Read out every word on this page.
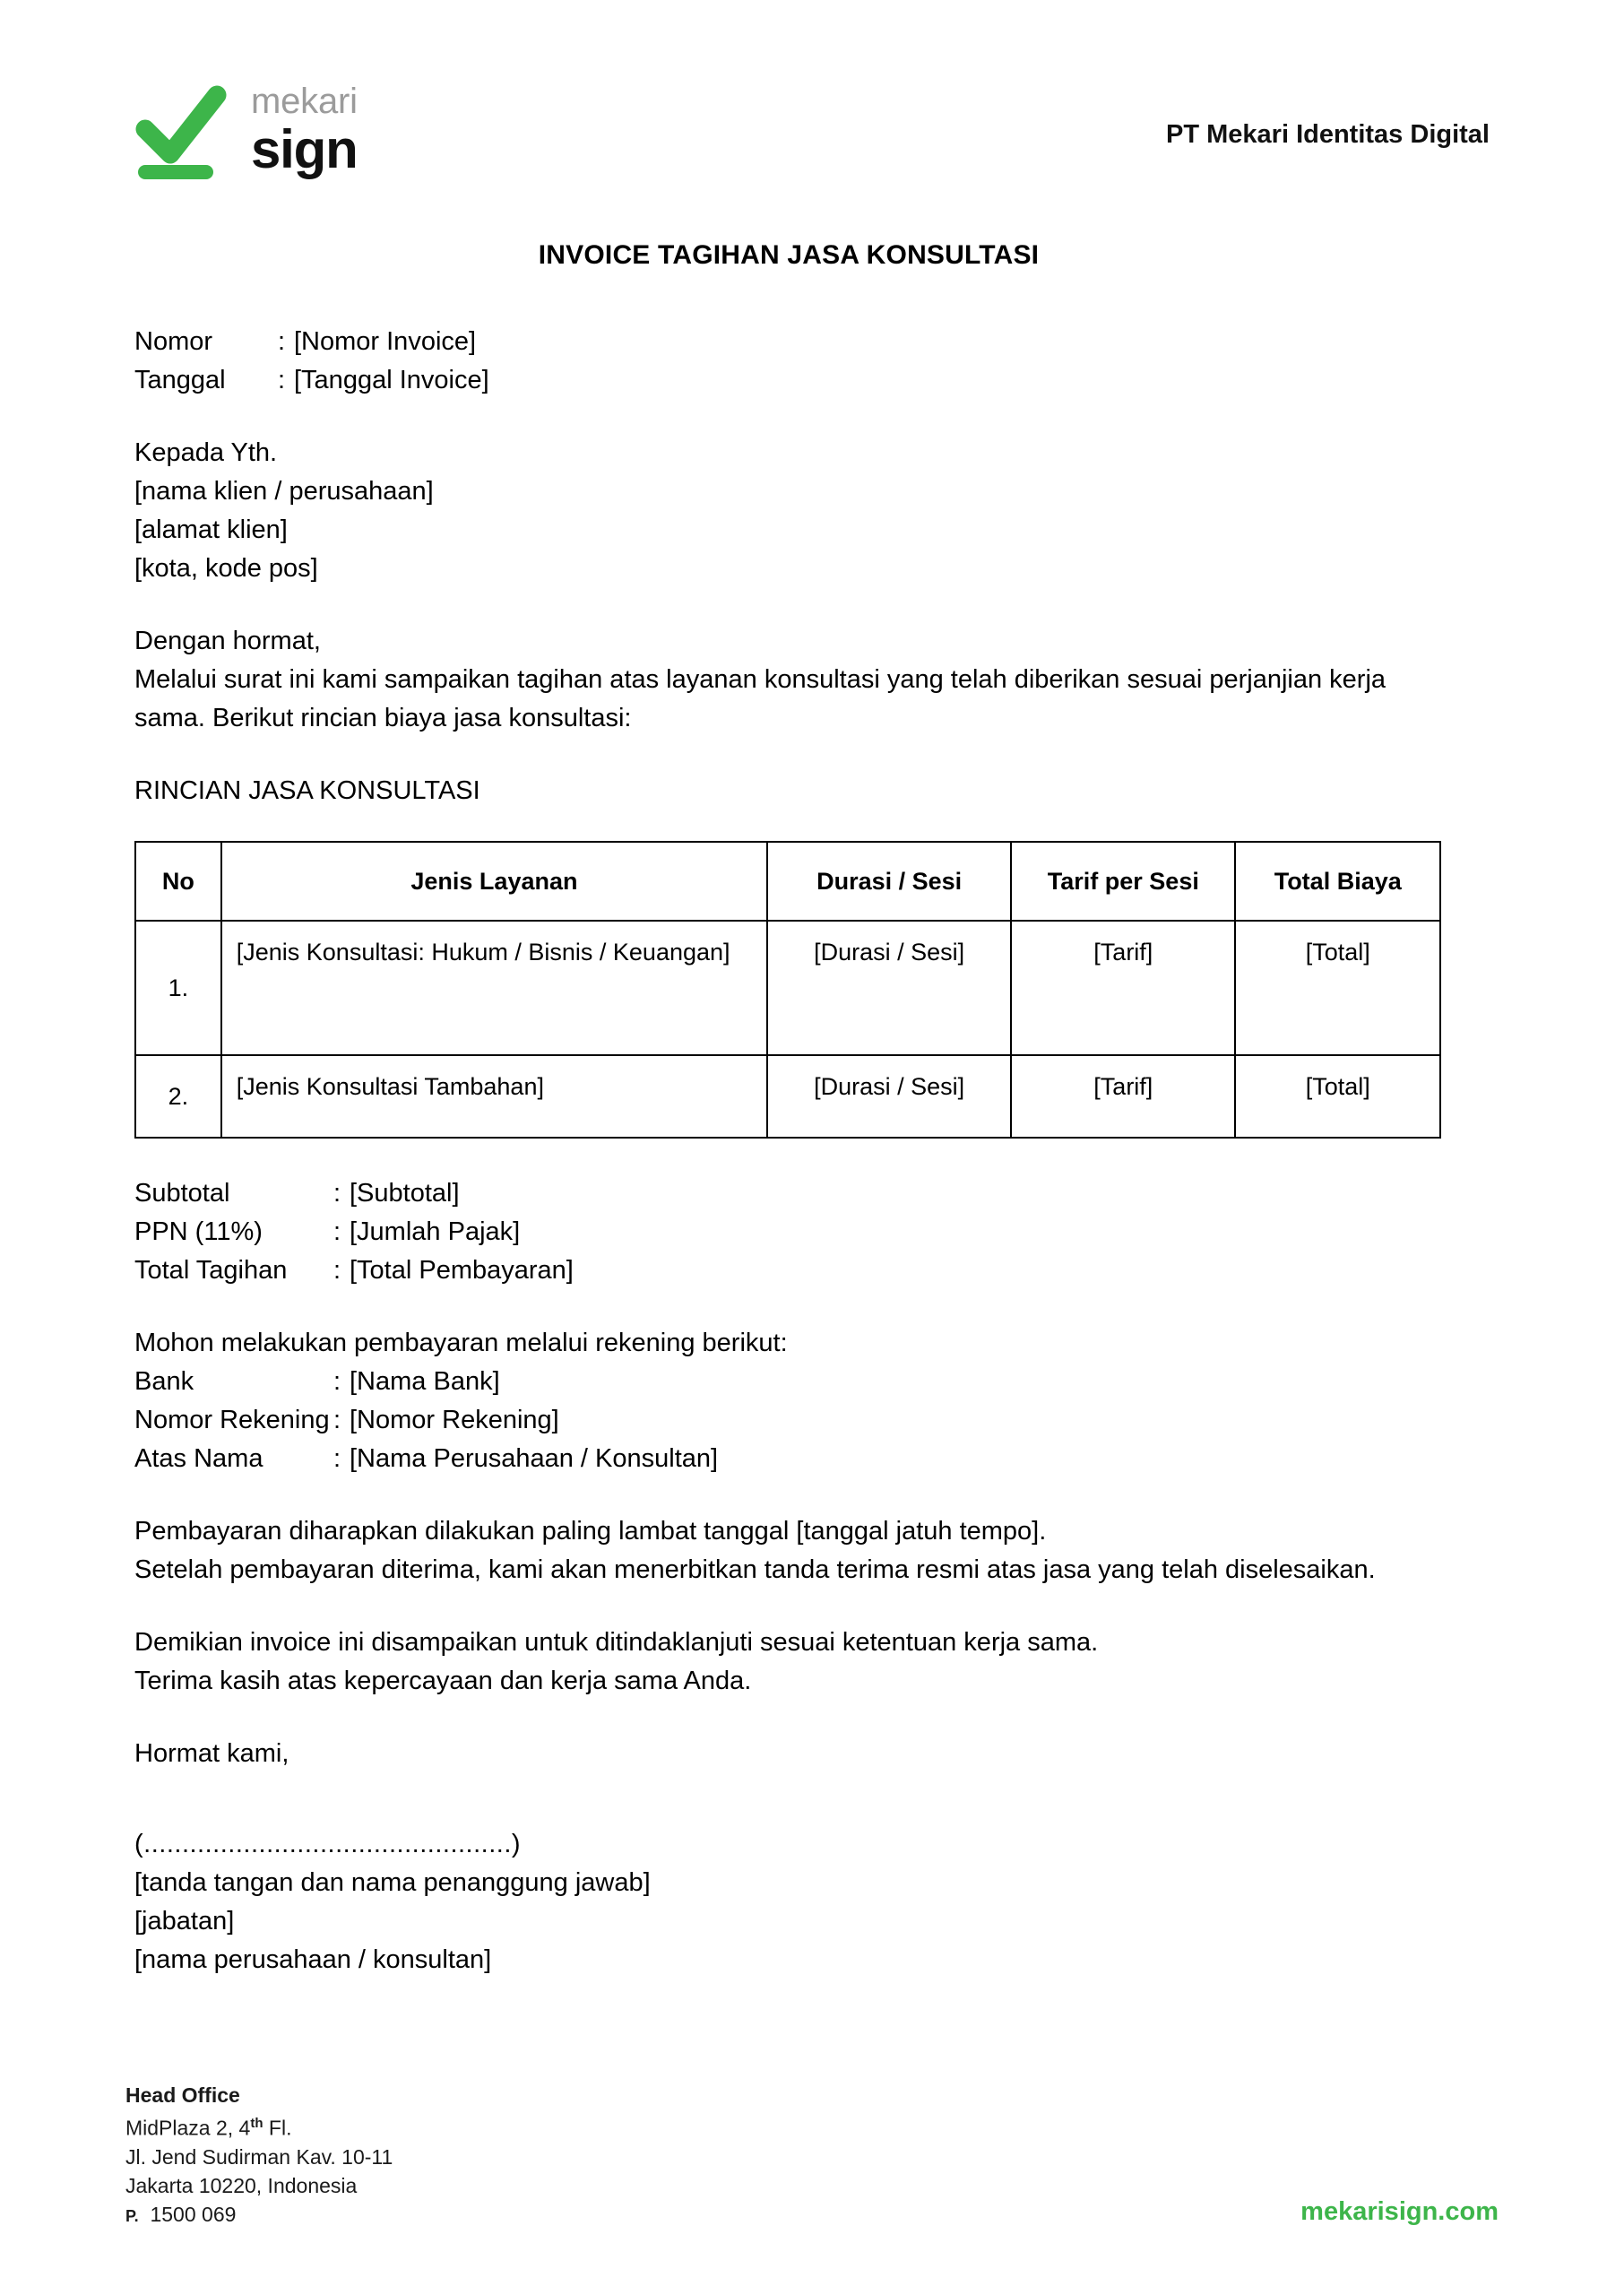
mekari
sign	PT Mekari Identitas Digital
INVOICE TAGIHAN JASA KONSULTASI
Nomor	: [Nomor Invoice]
Tanggal	: [Tanggal Invoice]
Kepada Yth.
[nama klien / perusahaan]
[alamat klien]
[kota, kode pos]
Dengan hormat,
Melalui surat ini kami sampaikan tagihan atas layanan konsultasi yang telah diberikan sesuai perjanjian kerja sama. Berikut rincian biaya jasa konsultasi:
RINCIAN JASA KONSULTASI
No	Jenis Layanan	Durasi / Sesi	Tarif per Sesi	Total Biaya
1.	[Jenis Konsultasi: Hukum / Bisnis / Keuangan]	[Durasi / Sesi]	[Tarif]	[Total]
2.	[Jenis Konsultasi Tambahan]	[Durasi / Sesi]	[Tarif]	[Total]
Subtotal	: [Subtotal]
PPN (11%)	: [Jumlah Pajak]
Total Tagihan	: [Total Pembayaran]
Mohon melakukan pembayaran melalui rekening berikut:
Bank	: [Nama Bank]
Nomor Rekening : [Nomor Rekening]
Atas Nama	: [Nama Perusahaan / Konsultan]
Pembayaran diharapkan dilakukan paling lambat tanggal [tanggal jatuh tempo].
Setelah pembayaran diterima, kami akan menerbitkan tanda terima resmi atas jasa yang telah diselesaikan.
Demikian invoice ini disampaikan untuk ditindaklanjuti sesuai ketentuan kerja sama.
Terima kasih atas kepercayaan dan kerja sama Anda.
Hormat kami,
(................................................)
[tanda tangan dan nama penanggung jawab]
[jabatan]
[nama perusahaan / konsultan]
Head Office
MidPlaza 2, 4th Fl.
Jl. Jend Sudirman Kav. 10-11
Jakarta 10220, Indonesia
P. 1500 069	mekarisign.com
